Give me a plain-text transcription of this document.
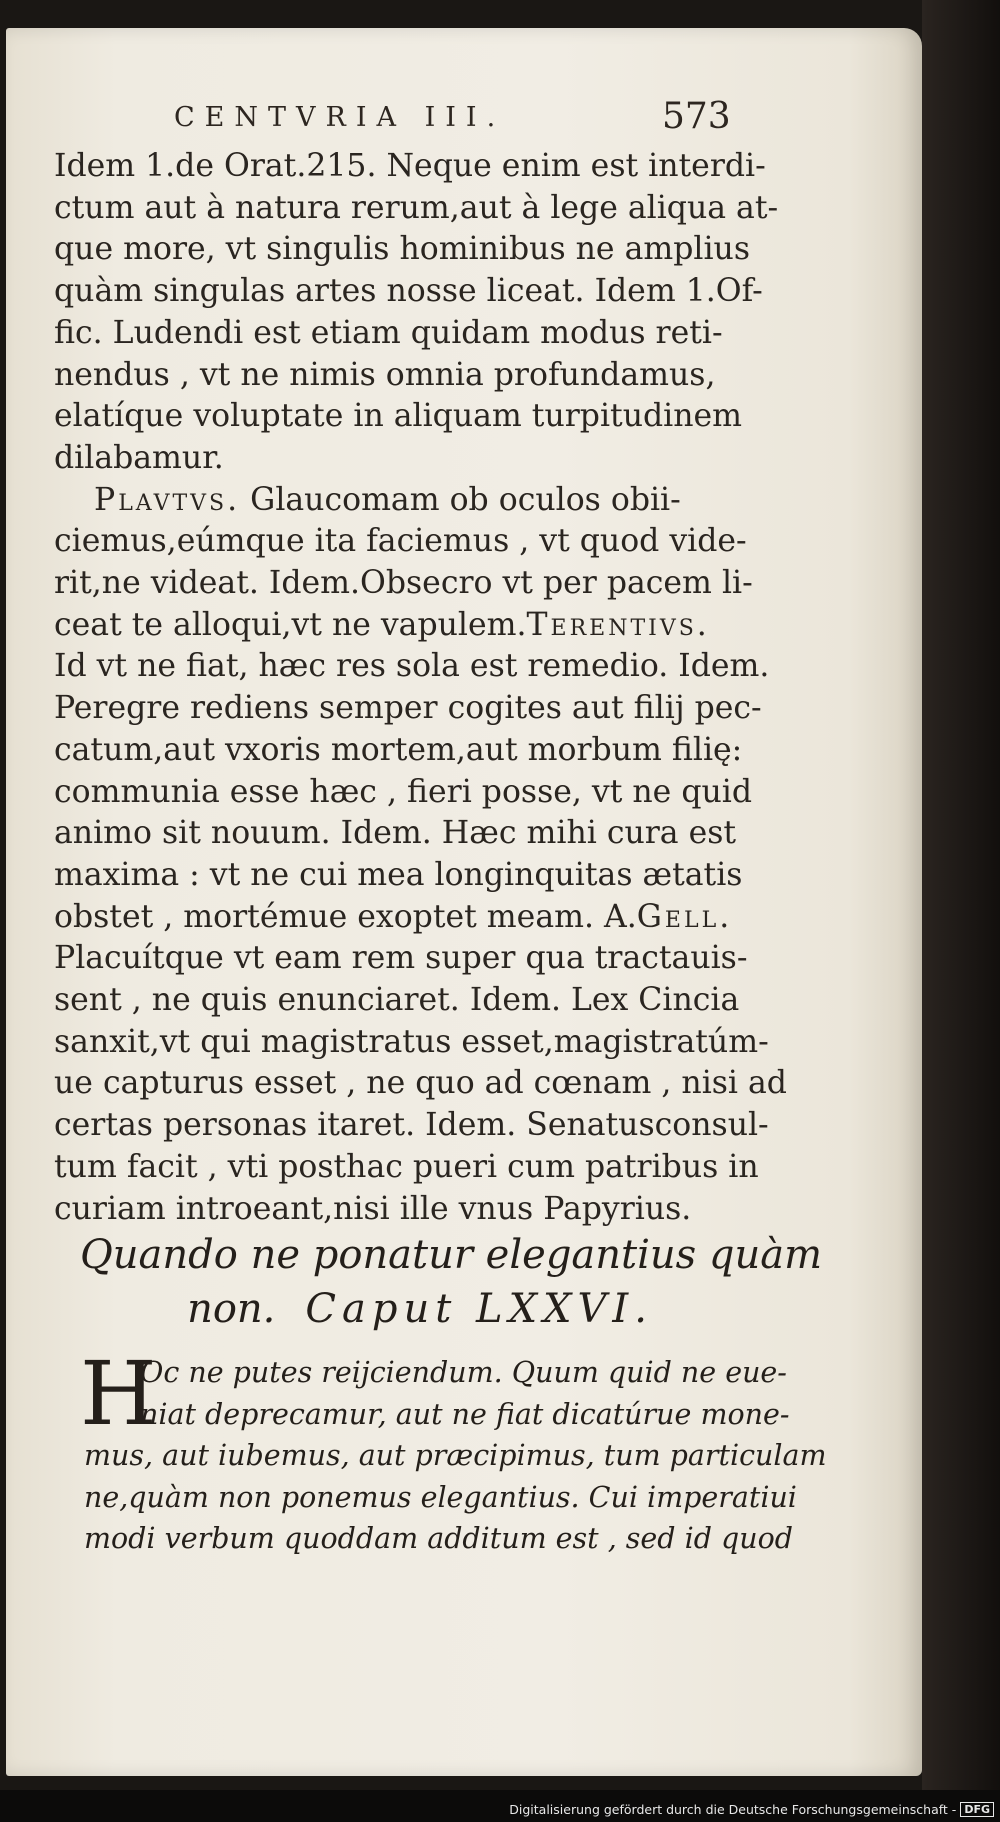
CENTVRIA III.	573
Idem 1.de Orat.215. Neque enim est interdi-
ctum aut à natura rerum,aut à lege aliqua at-
que more, vt singulis hominibus ne amplius
quàm singulas artes nosse liceat. Idem 1.Of-
fic. Ludendi est etiam quidam modus reti-
nendus , vt ne nimis omnia profundamus,
elatíque voluptate in aliquam turpitudinem
dilabamur.
Plavtvs. Glaucomam ob oculos obii-
ciemus,eúmque ita faciemus , vt quod vide-
rit,ne videat. Idem.Obsecro vt per pacem li-
ceat te alloqui,vt ne vapulem.Terentivs.
Id vt ne fiat, hæc res sola est remedio. Idem.
Peregre rediens semper cogites aut filij pec-
catum,aut vxoris mortem,aut morbum filię:
communia esse hæc , fieri posse, vt ne quid
animo sit nouum. Idem. Hæc mihi cura est
maxima : vt ne cui mea longinquitas ætatis
obstet , mortémue exoptet meam. A.Gell.
Placuítque vt eam rem super qua tractauis-
sent , ne quis enunciaret. Idem. Lex Cincia
sanxit,vt qui magistratus esset,magistratúm-
ue capturus esset , ne quo ad cœnam , nisi ad
certas personas itaret. Idem. Senatusconsul-
tum facit , vti posthac pueri cum patribus in
curiam introeant,nisi ille vnus Papyrius.
Quando ne ponatur elegantius quàm
non. Caput LXXVI.
H
Oc ne putes reijciendum. Quum quid ne eue-
niat deprecamur, aut ne fiat dicatúrue mone-
mus, aut iubemus, aut præcipimus, tum particulam
ne,quàm non ponemus elegantius. Cui imperatiui
modi verbum quoddam additum est , sed id quod
Digitalisierung gefördert durch die Deutsche Forschungsgemeinschaft - DFG
